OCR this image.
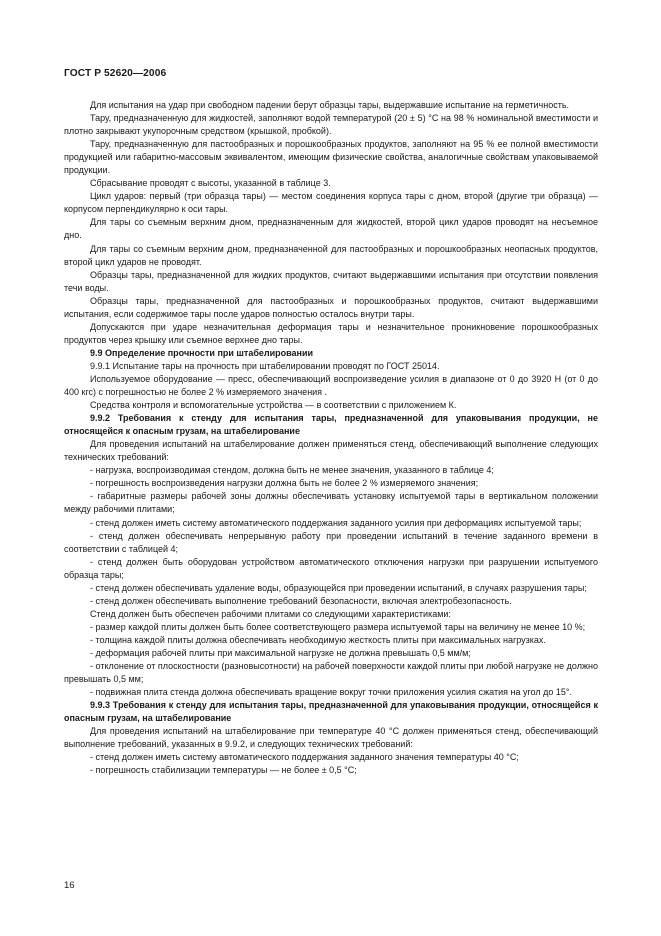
ГОСТ Р 52620—2006

Для испытания на удар при свободном падении берут образцы тары, выдержавшие испытание на герметичность.

Тару, предназначенную для жидкостей, заполняют водой температурой (20 ± 5) °С на 98 % номинальной вместимости и плотно закрывают укупорочным средством (крышкой, пробкой).

Тару, предназначенную для пастообразных и порошкообразных продуктов, заполняют на 95 % ее полной вместимости продукцией или габаритно-массовым эквивалентом, имеющим физические свойства, аналогичные свойствам упаковываемой продукции.

Сбрасывание проводят с высоты, указанной в таблице 3.

Цикл ударов: первый (три образца тары) — местом соединения корпуса тары с дном, второй (другие три образца) — корпусом перпендикулярно к оси тары.

Для тары со съемным верхним дном, предназначенным для жидкостей, второй цикл ударов проводят на несъемное дно.

Для тары со съемным верхним дном, предназначенной для пастообразных и порошкообразных неопасных продуктов, второй цикл ударов не проводят.

Образцы тары, предназначенной для жидких продуктов, считают выдержавшими испытания при отсутствии появления течи воды.

Образцы тары, предназначенной для пастообразных и порошкообразных продуктов, считают выдержавшими испытания, если содержимое тары после ударов полностью осталось внутри тары.

Допускаются при ударе незначительная деформация тары и незначительное проникновение порошкообразных продуктов через крышку или съемное верхнее дно тары.

9.9 Определение прочности при штабелировании

9.9.1 Испытание тары на прочность при штабелировании проводят по ГОСТ 25014.

Используемое оборудование — пресс, обеспечивающий воспроизведение усилия в диапазоне от 0 до 3920 Н (от 0 до 400 кгс) с погрешностью не более 2 % измеряемого значения .

Средства контроля и вспомогательные устройства — в соответствии с приложением К.

9.9.2 Требования к стенду для испытания тары, предназначенной для упаковывания продукции, не относящейся к опасным грузам, на штабелирование

Для проведения испытаний на штабелирование должен применяться стенд, обеспечивающий выполнение следующих технических требований:

- нагрузка, воспроизводимая стендом, должна быть не менее значения, указанного в таблице 4;

- погрешность воспроизведения нагрузки должна быть не более 2 % измеряемого значения;

- габаритные размеры рабочей зоны должны обеспечивать установку испытуемой тары в вертикальном положении между рабочими плитами;

- стенд должен иметь систему автоматического поддержания заданного усилия при деформациях испытуемой тары;

- стенд должен обеспечивать непрерывную работу при проведении испытаний в течение заданного времени в соответствии с таблицей 4;

- стенд должен быть оборудован устройством автоматического отключения нагрузки при разрушении испытуемого образца тары;

- стенд должен обеспечивать удаление воды, образующейся при проведении испытаний, в случаях разрушения тары;

- стенд должен обеспечивать выполнение требований безопасности, включая электробезопасность.

Стенд должен быть обеспечен рабочими плитами со следующими характеристиками:

- размер каждой плиты должен быть более соответствующего размера испытуемой тары на величину не менее 10 %;

- толщина каждой плиты должна обеспечивать необходимую жесткость плиты при максимальных нагрузках.

- деформация рабочей плиты при максимальной нагрузке не должна превышать 0,5 мм/м;

- отклонение от плоскостности (разновысотности) на рабочей поверхности каждой плиты при любой нагрузке не должно превышать 0,5 мм;

- подвижная плита стенда должна обеспечивать вращение вокруг точки приложения усилия сжатия на угол до 15°.

9.9.3 Требования к стенду для испытания тары, предназначенной для упаковывания продукции, относящейся к опасным грузам, на штабелирование

Для проведения испытаний на штабелирование при температуре 40 °С должен применяться стенд, обеспечивающий выполнение требований, указанных в 9.9.2, и следующих технических требований:

- стенд должен иметь систему автоматического поддержания заданного значения температуры 40 °С;

- погрешность стабилизации температуры — не более ± 0,5 °С;

16
